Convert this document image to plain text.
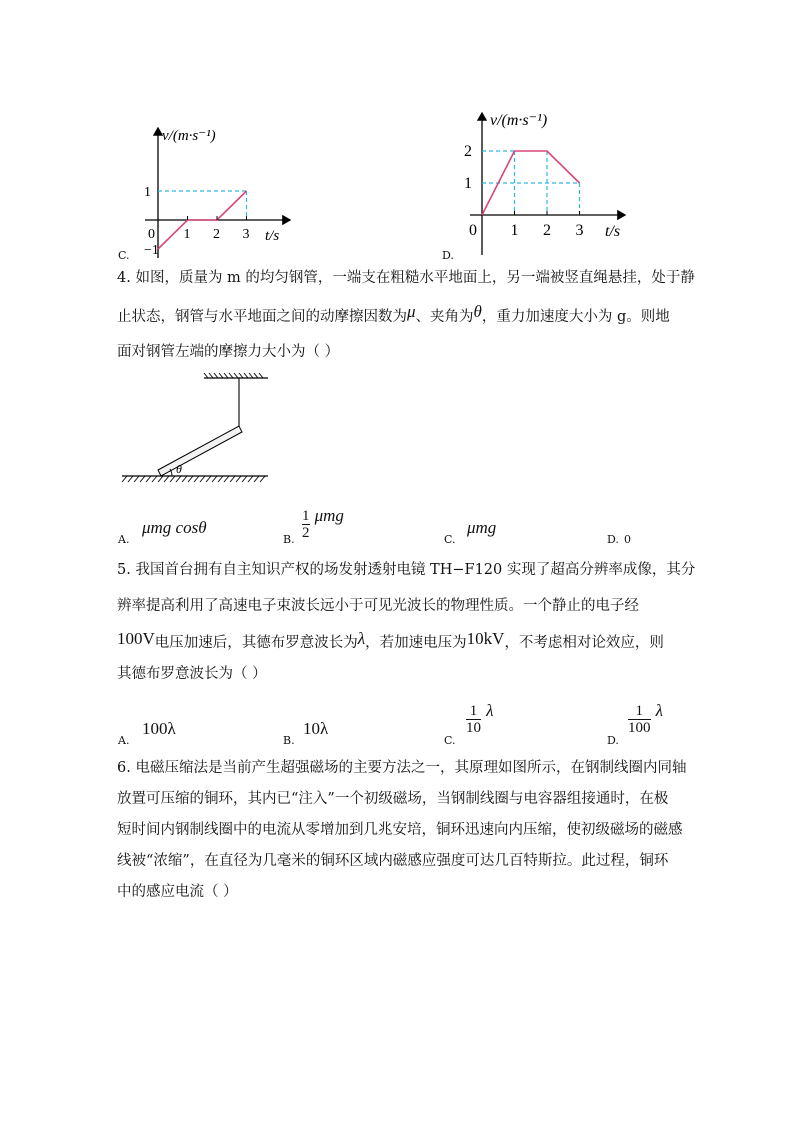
C.
0 1 2 3
1
−1
v/(m·s⁻¹)
t/s
D.
0 1 2 3
1
2
v/(m·s⁻¹)
t/s
4. 如图，质量为 m 的均匀钢管，一端支在粗糙水平地面上，另一端被竖直绳悬挂，处于静
止状态，钢管与水平地面之间的动摩擦因数为μ、夹角为θ，重力加速度大小为 g。则地
面对钢管左端的摩擦力大小为（ ）
θ
A.
μmg cosθ
B. $\frac{1}{2}$ μmg
C.
μmg
D. 0
5. 我国首台拥有自主知识产权的场发射透射电镜 TH−F120 实现了超高分辨率成像，其分
辨率提高利用了高速电子束波长远小于可见光波长的物理性质。一个静止的电子经
100V电压加速后，其德布罗意波长为λ，若加速电压为10kV，不考虑相对论效应，则
其德布罗意波长为（ ）
A.
100λ
B.
10λ
C.
$\frac{1}{10}$ λ
D.
$\frac{1}{100}$ λ
6. 电磁压缩法是当前产生超强磁场的主要方法之一，其原理如图所示，在钢制线圈内同轴
放置可压缩的铜环，其内已“注入”一个初级磁场，当钢制线圈与电容器组接通时，在极
短时间内钢制线圈中的电流从零增加到几兆安培，铜环迅速向内压缩，使初级磁场的磁感
线被“浓缩”，在直径为几毫米的铜环区域内磁感应强度可达几百特斯拉。此过程，铜环
中的感应电流（ ）
